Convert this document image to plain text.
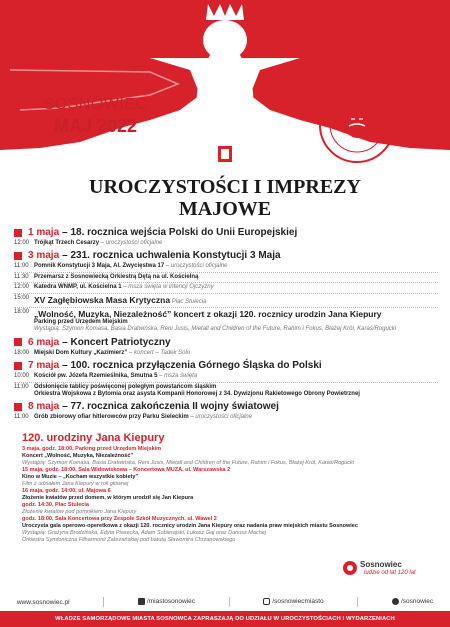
SOSNOWIEC
MAJ 2022
UROCZYSTOŚCI I IMPREZY
MAJOWE
1 maja – 18. rocznica wejścia Polski do Unii Europejskiej
12:00 Trójkąt Trzech Cesarzy – uroczystości oficjalne
3 maja – 231. rocznica uchwalenia Konstytucji 3 Maja
11:00 Pomnik Konstytucji 3 Maja, Al. Zwycięstwa 17 – uroczystości oficjalne
11:30 Przemarsz z Sosnowiecką Orkiestrą Dętą na ul. Kościelną
12:00 Katedra WNMP, ul. Kościelna 1 – msza święta w intencji Ojczyzny
15:00 XV Zagłębiowska Masa Krytyczna Plac Stulecia
18:00 „Wolność, Muzyka, Niezależność” koncert z okazji 120. rocznicy urodzin Jana Kiepury
Parking przed Urzędem Miejskim
Wystąpią: Szymon Komasa, Basia Dratwińska, Reni Jusis, Mietall and Children of the Future, Rahim i Fokus, Błażej Król, Karaś/Rogucki
6 maja – Koncert Patriotyczny
18:00 Miejski Dom Kultury „Kazimierz” – koncert – Tadek Solo
7 maja – 100. rocznica przyłączenia Górnego Śląska do Polski
10:00 Kościół pw. Józefa Rzemieślnika, Smutna 5 – msza święta
11:00 Odsłonięcie tablicy poświęconej poległym powstańcom śląskim
Orkiestra Wojskowa z Bytomia oraz asysta Kompanii Honorowej z 34. Dywizjonu Rakietowego Obrony Powietrznej
8 maja – 77. rocznica zakończenia II wojny światowej
11:00 Grób zbiorowy ofiar hitlerowców przy Parku Sieleckim – uroczystości oficjalne
120. urodziny Jana Kiepury
3 maja, godz. 18:00, Parking przed Urzędem Miejskim
Koncert „Wolność, Muzyka, Niezależność”
Wystąpią: Szymon Komasa, Basia Dratwińska, Reni Jusis, Mietall and Children of the Future, Rahim i Fokus, Błażej Król, Karaś/Rogucki
15 maja, godz. 18:00, Sala Widowiskowa – Koncertowa MUZA, ul. Warszawska 2
Kino w Muzie – „Kocham wszystkie kobiety”
Film z udziałem Jana Kiepury w roli głównej
16 maja, godz. 14:00, ul. Majowa 6
Złożenie kwiatów przed domem, w którym urodził się Jan Kiepura
godz. 14:30, Plac Stulecia
Złożenie kwiatów pod pomnikiem Jana Kiepury
godz. 18:00, Sala Koncertowa przy Zespole Szkół Muzycznych, ul. Wawel 2
Uroczysta gala operowo-operetkowa z okazji 120. rocznicy urodzin Jana Kiepury oraz nadania praw miejskich miastu Sosnowiec
Wystąpią: Grażyna Brodzińska, Edyta Piasecka, Adam Sobierajski, Łukasz Gaj oraz Dariusz Machej
Orkiestra Symfoniczna Filharmonii Zabrzańskiej pod batutą Sławomira Chrzanowskiego
Sosnowiec
ludzie od lat 120 lat
www.sosnowiec.pl	/miastosonowiec	/sosnowiecmiasto	/sosnowiec
WŁADZE SAMORZĄDOWE MIASTA SOSNOWCA ZAPRASZAJĄ DO UDZIAŁU W UROCZYSTOŚCIACH I WYDARZENIACH
